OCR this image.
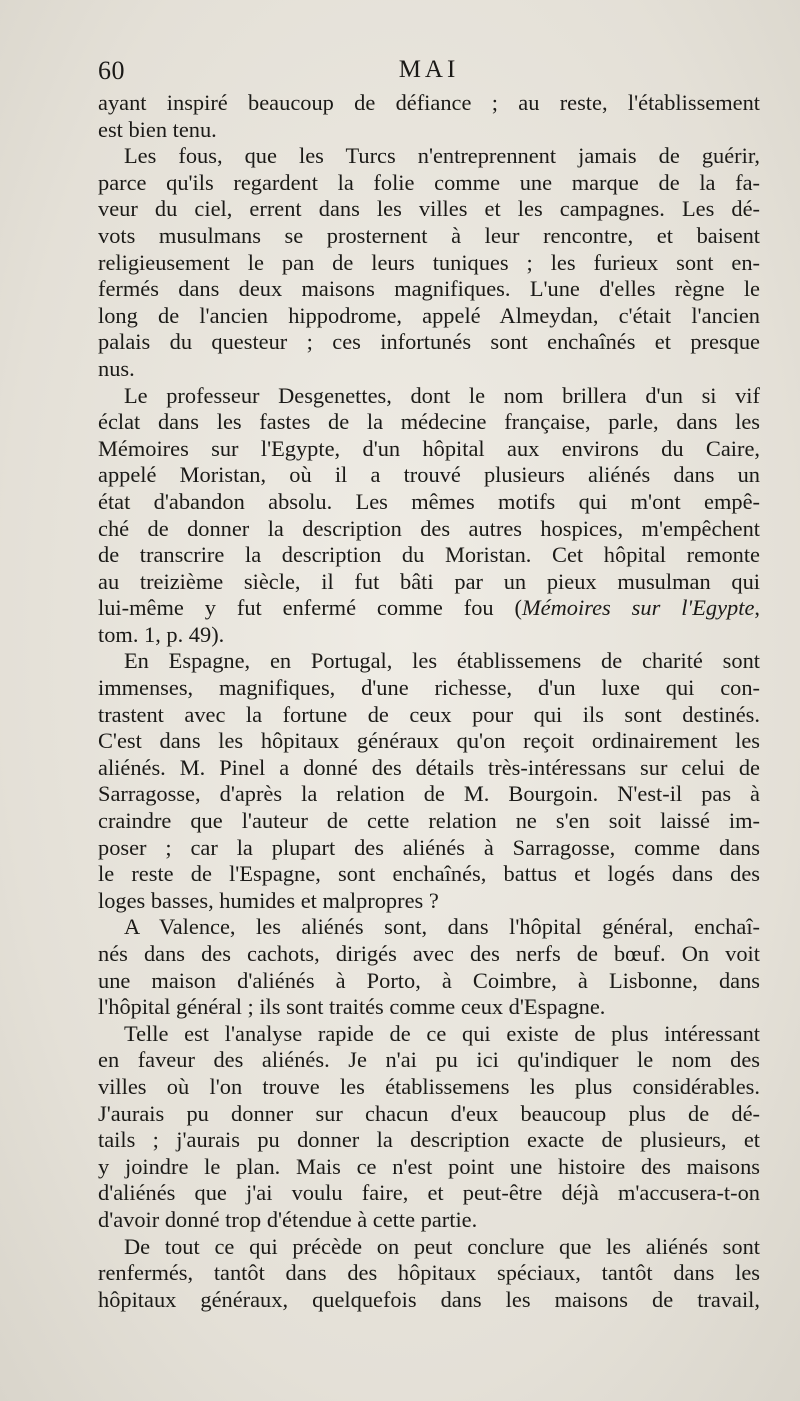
60	MAI
ayant inspiré beaucoup de défiance ; au reste, l'établissement
est bien tenu.
Les fous, que les Turcs n'entreprennent jamais de guérir,
parce qu'ils regardent la folie comme une marque de la fa-
veur du ciel, errent dans les villes et les campagnes. Les dé-
vots musulmans se prosternent à leur rencontre, et baisent
religieusement le pan de leurs tuniques ; les furieux sont en-
fermés dans deux maisons magnifiques. L'une d'elles règne le
long de l'ancien hippodrome, appelé Almeydan, c'était l'ancien
palais du questeur ; ces infortunés sont enchaînés et presque
nus.
Le professeur Desgenettes, dont le nom brillera d'un si vif
éclat dans les fastes de la médecine française, parle, dans les
Mémoires sur l'Egypte, d'un hôpital aux environs du Caire,
appelé Moristan, où il a trouvé plusieurs aliénés dans un
état d'abandon absolu. Les mêmes motifs qui m'ont empê-
ché de donner la description des autres hospices, m'empêchent
de transcrire la description du Moristan. Cet hôpital remonte
au treizième siècle, il fut bâti par un pieux musulman qui
lui-même y fut enfermé comme fou (Mémoires sur l'Egypte,
tom. 1, p. 49).
En Espagne, en Portugal, les établissemens de charité sont
immenses, magnifiques, d'une richesse, d'un luxe qui con-
trastent avec la fortune de ceux pour qui ils sont destinés.
C'est dans les hôpitaux généraux qu'on reçoit ordinairement les
aliénés. M. Pinel a donné des détails très-intéressans sur celui de
Sarragosse, d'après la relation de M. Bourgoin. N'est-il pas à
craindre que l'auteur de cette relation ne s'en soit laissé im-
poser ; car la plupart des aliénés à Sarragosse, comme dans
le reste de l'Espagne, sont enchaînés, battus et logés dans des
loges basses, humides et malpropres ?
A Valence, les aliénés sont, dans l'hôpital général, enchaî-
nés dans des cachots, dirigés avec des nerfs de bœuf. On voit
une maison d'aliénés à Porto, à Coimbre, à Lisbonne, dans
l'hôpital général ; ils sont traités comme ceux d'Espagne.
Telle est l'analyse rapide de ce qui existe de plus intéressant
en faveur des aliénés. Je n'ai pu ici qu'indiquer le nom des
villes où l'on trouve les établissemens les plus considérables.
J'aurais pu donner sur chacun d'eux beaucoup plus de dé-
tails ; j'aurais pu donner la description exacte de plusieurs, et
y joindre le plan. Mais ce n'est point une histoire des maisons
d'aliénés que j'ai voulu faire, et peut-être déjà m'accusera-t-on
d'avoir donné trop d'étendue à cette partie.
De tout ce qui précède on peut conclure que les aliénés sont
renfermés, tantôt dans des hôpitaux spéciaux, tantôt dans les
hôpitaux généraux, quelquefois dans les maisons de travail,
